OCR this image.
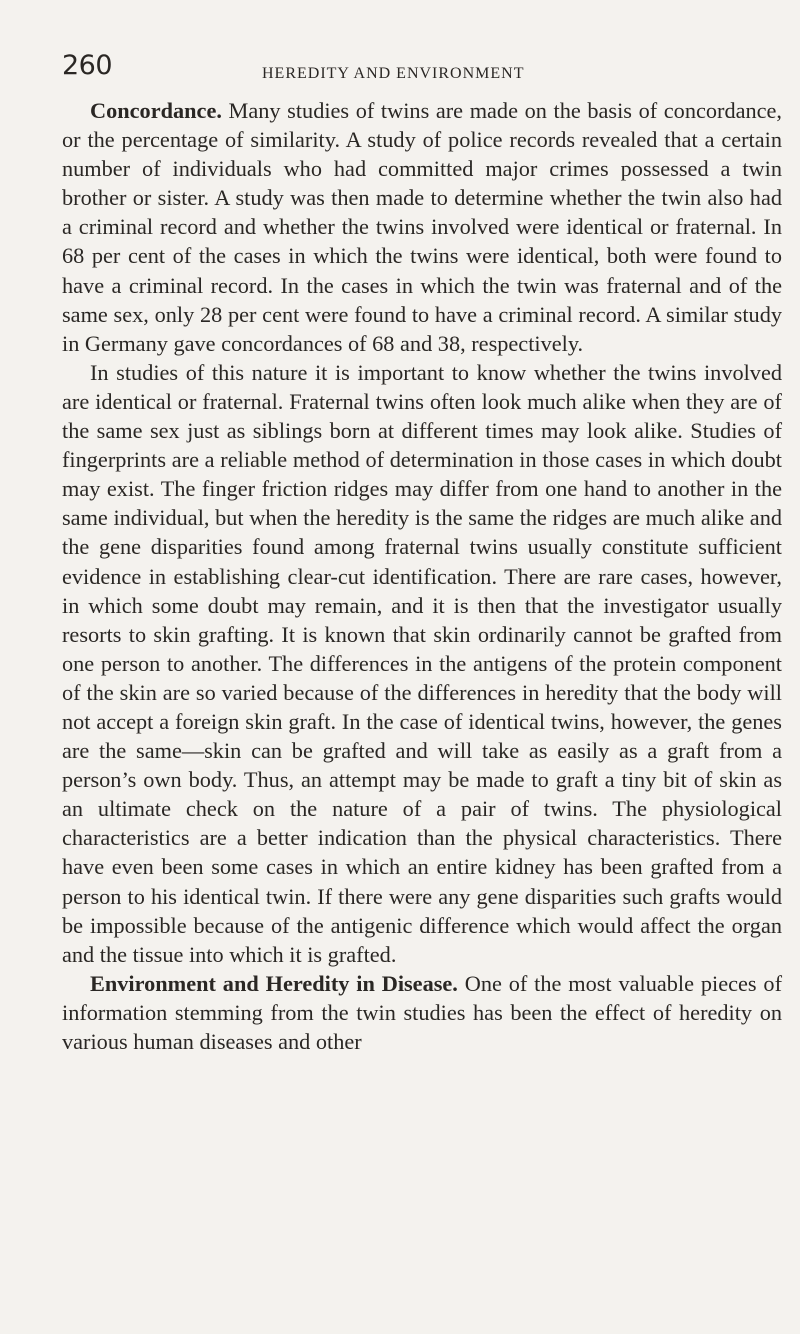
260	HEREDITY AND ENVIRONMENT

Concordance. Many studies of twins are made on the basis of concordance, or the percentage of similarity. A study of police records revealed that a certain number of individuals who had committed major crimes possessed a twin brother or sister. A study was then made to determine whether the twin also had a criminal record and whether the twins involved were identical or fraternal. In 68 per cent of the cases in which the twins were identical, both were found to have a criminal record. In the cases in which the twin was fraternal and of the same sex, only 28 per cent were found to have a criminal record. A similar study in Germany gave concordances of 68 and 38, respectively.

In studies of this nature it is important to know whether the twins involved are identical or fraternal. Fraternal twins often look much alike when they are of the same sex just as siblings born at different times may look alike. Studies of fingerprints are a reliable method of determination in those cases in which doubt may exist. The finger friction ridges may differ from one hand to another in the same individual, but when the heredity is the same the ridges are much alike and the gene disparities found among fraternal twins usually constitute sufficient evidence in establishing clear-cut identification. There are rare cases, however, in which some doubt may remain, and it is then that the investigator usually resorts to skin grafting. It is known that skin ordinarily cannot be grafted from one person to another. The differences in the antigens of the protein component of the skin are so varied because of the differences in heredity that the body will not accept a foreign skin graft. In the case of identical twins, however, the genes are the same—skin can be grafted and will take as easily as a graft from a person’s own body. Thus, an attempt may be made to graft a tiny bit of skin as an ultimate check on the nature of a pair of twins. The physiological characteristics are a better indication than the physical characteristics. There have even been some cases in which an entire kidney has been grafted from a person to his identical twin. If there were any gene disparities such grafts would be impossible because of the antigenic difference which would affect the organ and the tissue into which it is grafted.

Environment and Heredity in Disease. One of the most valuable pieces of information stemming from the twin studies has been the effect of heredity on various human diseases and other
